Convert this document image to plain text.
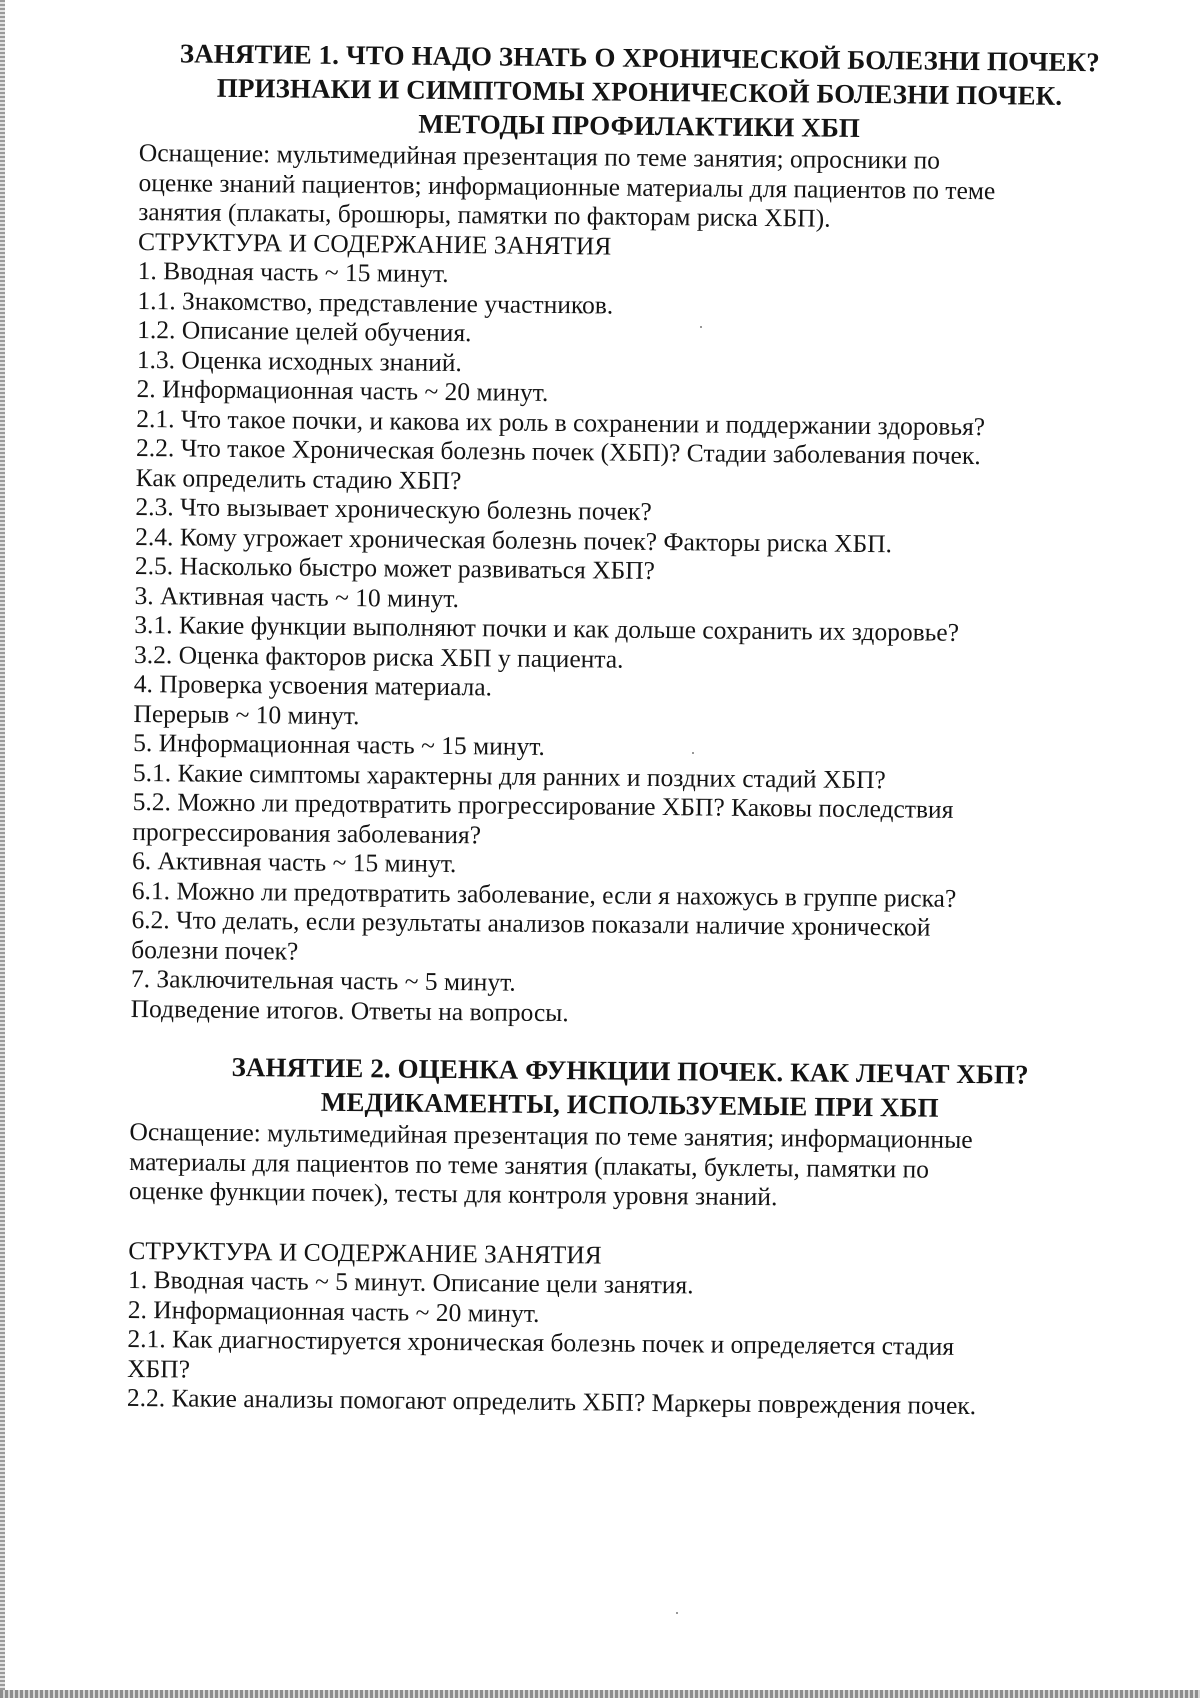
ЗАНЯТИЕ 1. ЧТО НАДО ЗНАТЬ О ХРОНИЧЕСКОЙ БОЛЕЗНИ ПОЧЕК?
ПРИЗНАКИ И СИМПТОМЫ ХРОНИЧЕСКОЙ БОЛЕЗНИ ПОЧЕК.
МЕТОДЫ ПРОФИЛАКТИКИ ХБП

Оснащение: мультимедийная презентация по теме занятия; опросники по

оценке знаний пациентов; информационные материалы для пациентов по теме

занятия (плакаты, брошюры, памятки по факторам риска ХБП).

СТРУКТУРА И СОДЕРЖАНИЕ ЗАНЯТИЯ

1. Вводная часть ~ 15 минут.

1.1. Знакомство, представление участников.

1.2. Описание целей обучения.

1.3. Оценка исходных знаний.

2. Информационная часть ~ 20 минут.

2.1. Что такое почки, и какова их роль в сохранении и поддержании здоровья?

2.2. Что такое Хроническая болезнь почек (ХБП)? Стадии заболевания почек.

Как определить стадию ХБП?

2.3. Что вызывает хроническую болезнь почек?

2.4. Кому угрожает хроническая болезнь почек? Факторы риска ХБП.

2.5. Насколько быстро может развиваться ХБП?

3. Активная часть ~ 10 минут.

3.1. Какие функции выполняют почки и как дольше сохранить их здоровье?

3.2. Оценка факторов риска ХБП у пациента.

4. Проверка усвоения материала.

Перерыв ~ 10 минут.

5. Информационная часть ~ 15 минут.

5.1. Какие симптомы характерны для ранних и поздних стадий ХБП?

5.2. Можно ли предотвратить прогрессирование ХБП? Каковы последствия

прогрессирования заболевания?

6. Активная часть ~ 15 минут.

6.1. Можно ли предотвратить заболевание, если я нахожусь в группе риска?

6.2. Что делать, если результаты анализов показали наличие хронической

болезни почек?

7. Заключительная часть ~ 5 минут.

Подведение итогов. Ответы на вопросы.

ЗАНЯТИЕ 2. ОЦЕНКА ФУНКЦИИ ПОЧЕК. КАК ЛЕЧАТ ХБП?
МЕДИКАМЕНТЫ, ИСПОЛЬЗУЕМЫЕ ПРИ ХБП

Оснащение: мультимедийная презентация по теме занятия; информационные

материалы для пациентов по теме занятия (плакаты, буклеты, памятки по

оценке функции почек), тесты для контроля уровня знаний.

СТРУКТУРА И СОДЕРЖАНИЕ ЗАНЯТИЯ

1. Вводная часть ~ 5 минут. Описание цели занятия.

2. Информационная часть ~ 20 минут.

2.1. Как диагностируется хроническая болезнь почек и определяется стадия

ХБП?

2.2. Какие анализы помогают определить ХБП? Маркеры повреждения почек.
